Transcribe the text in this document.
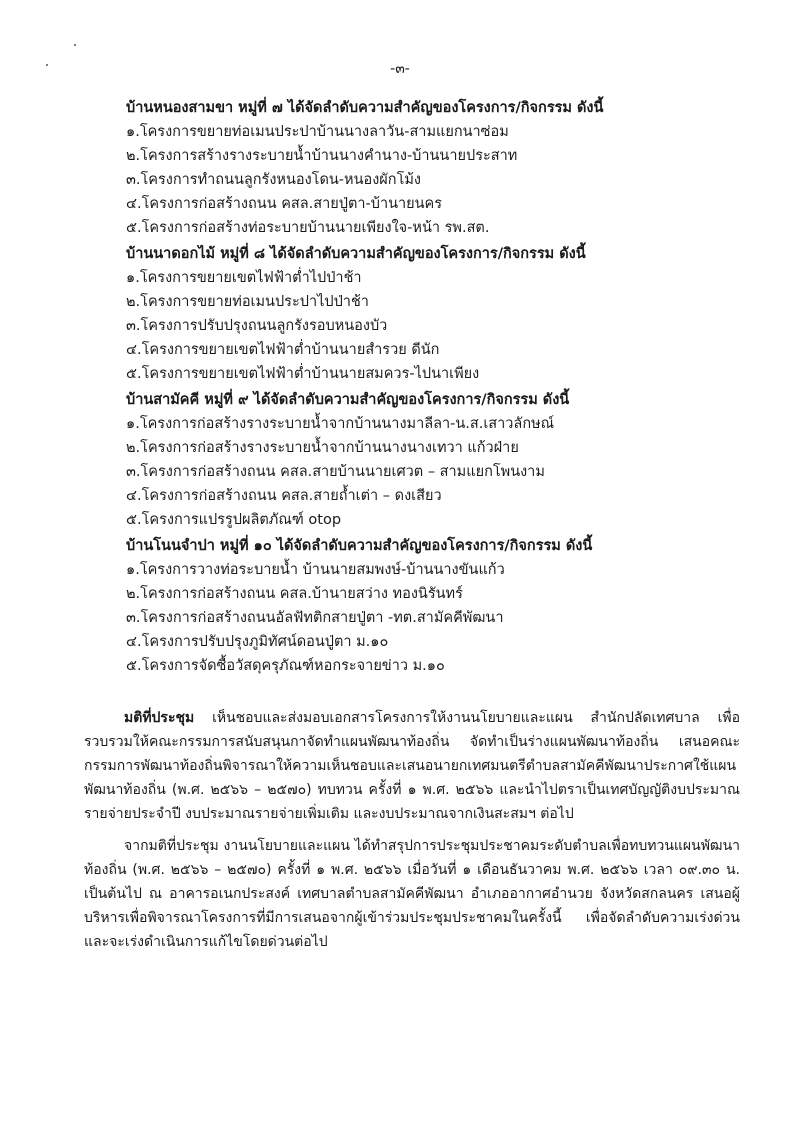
-๓-
บ้านหนองสามขา หมู่ที่ ๗ ได้จัดลำดับความสำคัญของโครงการ/กิจกรรม ดังนี้
๑.โครงการขยายท่อเมนประปาบ้านนางลาวัน-สามแยกนาซ่อม
๒.โครงการสร้างรางระบายน้ำบ้านนางคำนาง-บ้านนายประสาท
๓.โครงการทำถนนลูกรังหนองโดน-หนองผักโม้ง
๔.โครงการก่อสร้างถนน คสล.สายปู่ตา-บ้านายนคร
๕.โครงการก่อสร้างท่อระบายบ้านนายเพียงใจ-หน้า รพ.สต.
บ้านนาดอกไม้ หมู่ที่ ๘ ได้จัดลำดับความสำคัญของโครงการ/กิจกรรม ดังนี้
๑.โครงการขยายเขตไฟฟ้าต่ำไปป่าช้า
๒.โครงการขยายท่อเมนประปาไปป่าช้า
๓.โครงการปรับปรุงถนนลูกรังรอบหนองบัว
๔.โครงการขยายเขตไฟฟ้าต่ำบ้านนายสำรวย ดีนัก
๕.โครงการขยายเขตไฟฟ้าต่ำบ้านนายสมควร-ไปนาเพียง
บ้านสามัคคี หมู่ที่ ๙ ได้จัดลำดับความสำคัญของโครงการ/กิจกรรม ดังนี้
๑.โครงการก่อสร้างรางระบายน้ำจากบ้านนางมาลีลา-น.ส.เสาวลักษณ์
๒.โครงการก่อสร้างรางระบายน้ำจากบ้านนางนางเทวา แก้วฝ่าย
๓.โครงการก่อสร้างถนน คสล.สายบ้านนายเศวต – สามแยกโพนงาม
๔.โครงการก่อสร้างถนน คสล.สายถ้ำเต่า – ดงเสียว
๕.โครงการแปรรูปผลิตภัณฑ์ otop
บ้านโนนจำปา หมู่ที่ ๑๐ ได้จัดลำดับความสำคัญของโครงการ/กิจกรรม ดังนี้
๑.โครงการวางท่อระบายน้ำ บ้านนายสมพงษ์-บ้านนางขันแก้ว
๒.โครงการก่อสร้างถนน คสล.บ้านายสว่าง ทองนิรันทร์
๓.โครงการก่อสร้างถนนอัลฟัทติกสายปู่ตา -ทต.สามัคคีพัฒนา
๔.โครงการปรับปรุงภูมิทัศน์ดอนปู่ตา ม.๑๐
๕.โครงการจัดซื้อวัสดุครุภัณฑ์หอกระจายข่าว ม.๑๐
มติที่ประชุม เห็นชอบและส่งมอบเอกสารโครงการให้งานนโยบายและแผน สำนักปลัดเทศบาล เพื่อรวบรวมให้คณะกรรมการสนับสนุนกาจัดทำแผนพัฒนาท้องถิ่น จัดทำเป็นร่างแผนพัฒนาท้องถิ่น เสนอคณะกรรมการพัฒนาท้องถิ่นพิจารณาให้ความเห็นชอบและเสนอนายกเทศมนตรีตำบลสามัคคีพัฒนาประกาศใช้แผนพัฒนาท้องถิ่น (พ.ศ. ๒๕๖๖ – ๒๕๗๐) ทบทวน ครั้งที่ ๑ พ.ศ. ๒๕๖๖ และนำไปตราเป็นเทศบัญญัติงบประมาณรายจ่ายประจำปี งบประมาณรายจ่ายเพิ่มเติม และงบประมาณจากเงินสะสมฯ ต่อไป
จากมติที่ประชุม งานนโยบายและแผน ได้ทำสรุปการประชุมประชาคมระดับตำบลเพื่อทบทวนแผนพัฒนาท้องถิ่น (พ.ศ. ๒๕๖๖ – ๒๕๗๐) ครั้งที่ ๑ พ.ศ. ๒๕๖๖ เมื่อวันที่ ๑ เดือนธันวาคม พ.ศ. ๒๕๖๖ เวลา ๐๙.๓๐ น. เป็นต้นไป ณ อาคารอเนกประสงค์ เทศบาลตำบลสามัคคีพัฒนา อำเภออากาศอำนวย จังหวัดสกลนคร เสนอผู้บริหารเพื่อพิจารณาโครงการที่มีการเสนอจากผู้เข้าร่วมประชุมประชาคมในครั้งนี้ เพื่อจัดลำดับความเร่งด่วน และจะเร่งดำเนินการแก้ไขโดยด่วนต่อไป
